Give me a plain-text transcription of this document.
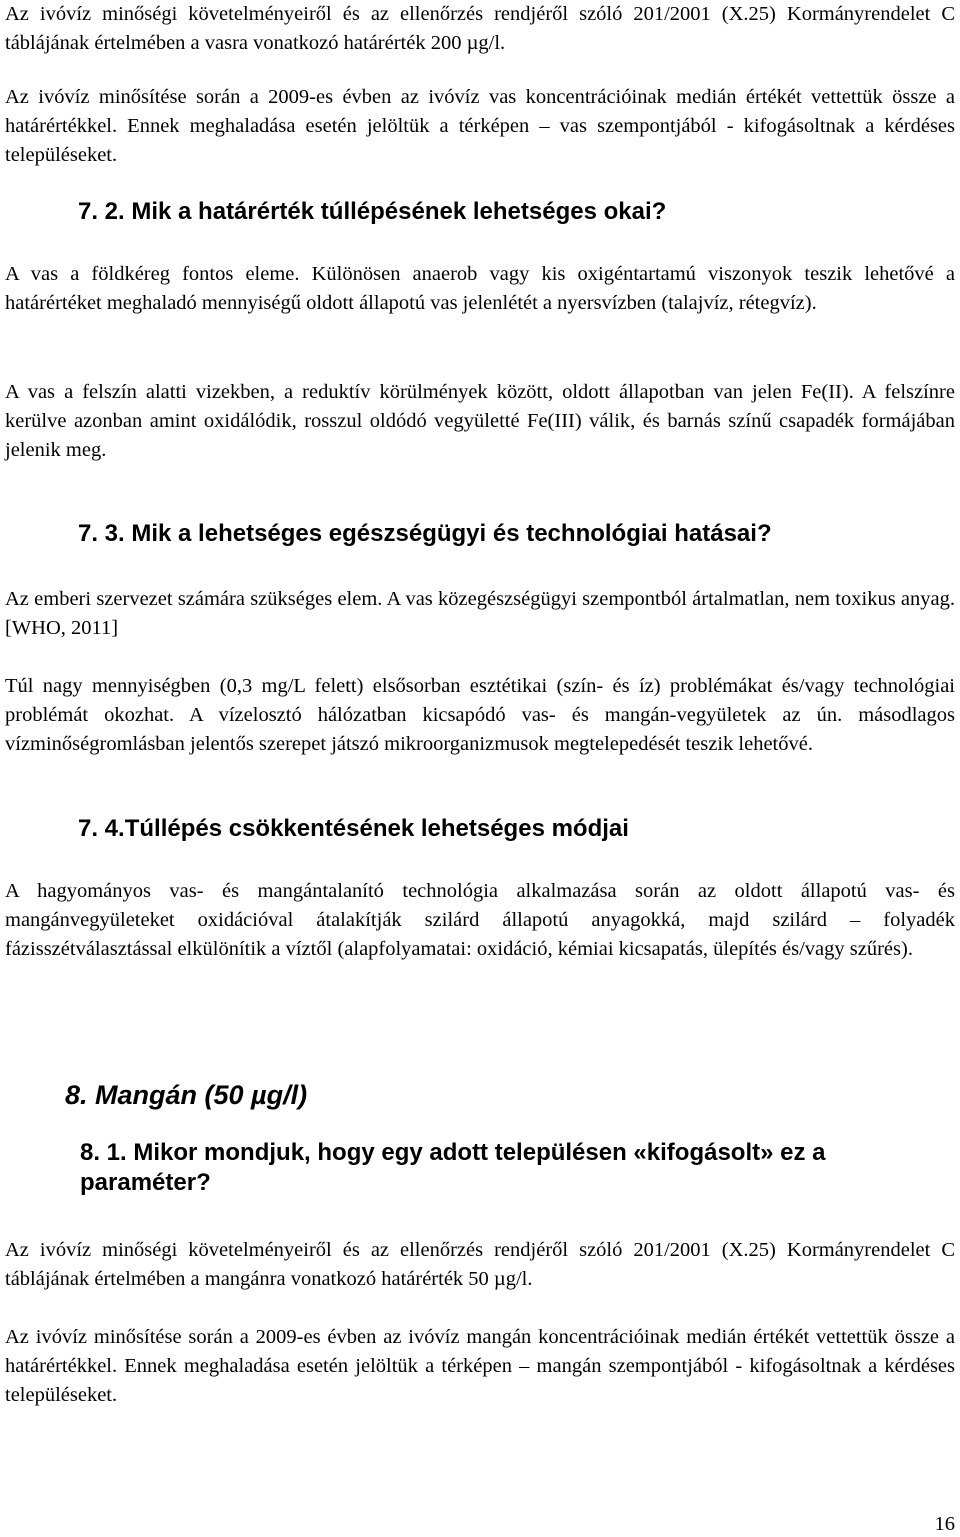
Az ivóvíz minőségi követelményeiről és az ellenőrzés rendjéről szóló 201/2001 (X.25) Kormányrendelet C táblájának értelmében a vasra vonatkozó határérték 200 µg/l.

Az ivóvíz minősítése során a 2009-es évben az ivóvíz vas koncentrációinak medián értékét vettettük össze a határértékkel. Ennek meghaladása esetén jelöltük a térképen – vas szempontjából - kifogásoltnak a kérdéses településeket.

7. 2. Mik a határérték túllépésének lehetséges okai?

A vas a földkéreg fontos eleme. Különösen anaerob vagy kis oxigéntartamú viszonyok teszik lehetővé a határértéket meghaladó mennyiségű oldott állapotú vas jelenlétét a nyersvízben (talajvíz, rétegvíz).

A vas a felszín alatti vizekben, a reduktív körülmények között, oldott állapotban van jelen Fe(II). A felszínre kerülve azonban amint oxidálódik, rosszul oldódó vegyületté Fe(III) válik, és barnás színű csapadék formájában jelenik meg.

7. 3. Mik a lehetséges egészségügyi és technológiai hatásai?

Az emberi szervezet számára szükséges elem. A vas közegészségügyi szempontból ártalmatlan, nem toxikus anyag. [WHO, 2011]

Túl nagy mennyiségben (0,3 mg/L felett) elsősorban esztétikai (szín- és íz) problémákat és/vagy technológiai problémát okozhat. A vízelosztó hálózatban kicsapódó vas- és mangán-vegyületek az ún. másodlagos vízminőségromlásban jelentős szerepet játszó mikroorganizmusok megtelepedését teszik lehetővé.

7. 4.Túllépés csökkentésének lehetséges módjai

A hagyományos vas- és mangántalanító technológia alkalmazása során az oldott állapotú vas- és mangánvegyületeket oxidációval átalakítják szilárd állapotú anyagokká, majd szilárd – folyadék fázisszétválasztással elkülönítik a víztől (alapfolyamatai: oxidáció, kémiai kicsapatás, ülepítés és/vagy szűrés).

8. Mangán (50 µg/l)
8. 1. Mikor mondjuk, hogy egy adott településen «kifogásolt» ez a paraméter?

Az ivóvíz minőségi követelményeiről és az ellenőrzés rendjéről szóló 201/2001 (X.25) Kormányrendelet C táblájának értelmében a mangánra vonatkozó határérték 50 µg/l.

Az ivóvíz minősítése során a 2009-es évben az ivóvíz mangán koncentrációinak medián értékét vettettük össze a határértékkel. Ennek meghaladása esetén jelöltük a térképen – mangán szempontjából - kifogásoltnak a kérdéses településeket.

16
